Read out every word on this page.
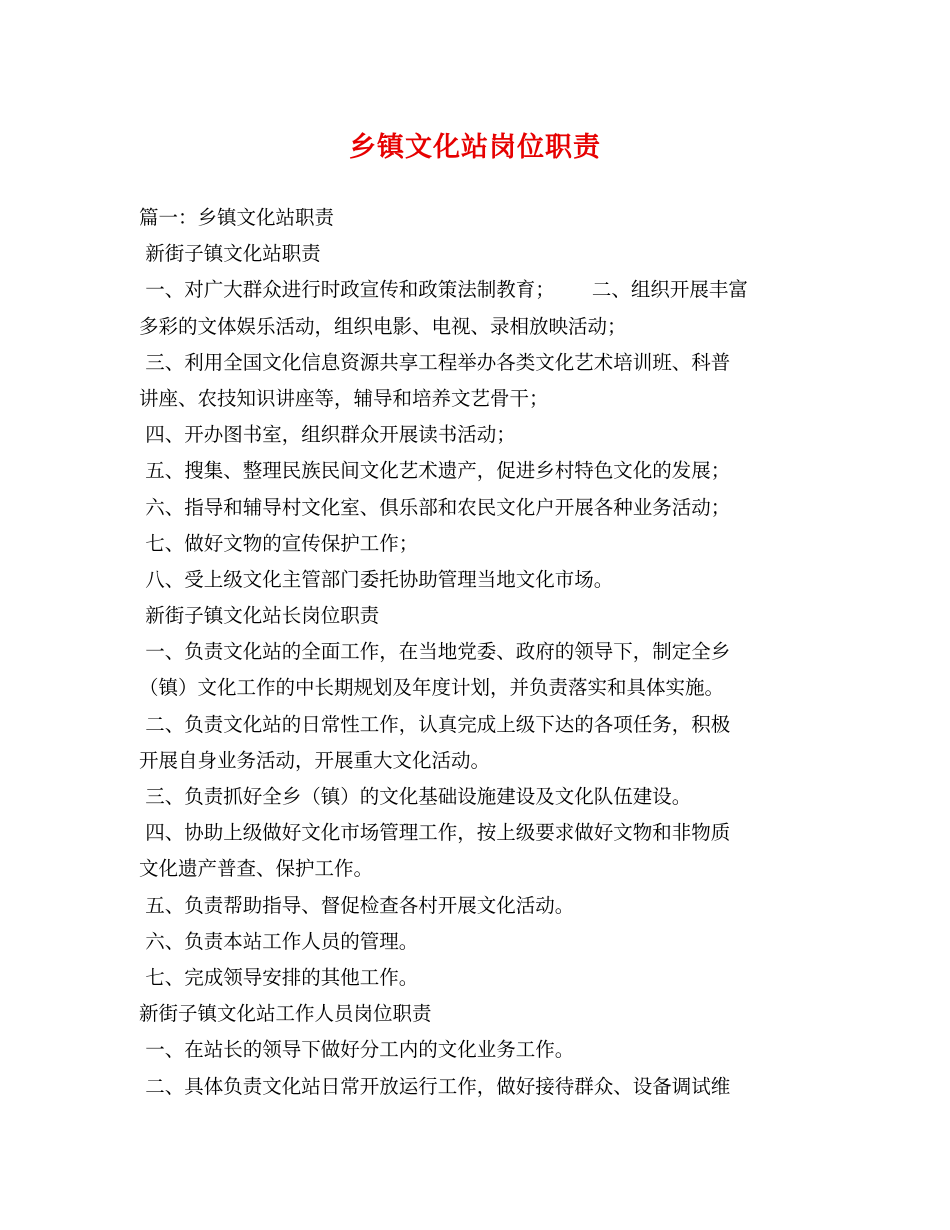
乡镇文化站岗位职责
篇一：乡镇文化站职责
新街子镇文化站职责
一、对广大群众进行时政宣传和政策法制教育；      二、组织开展丰富
多彩的文体娱乐活动，组织电影、电视、录相放映活动；
三、利用全国文化信息资源共享工程举办各类文化艺术培训班、科普
讲座、农技知识讲座等，辅导和培养文艺骨干；
四、开办图书室，组织群众开展读书活动；
五、搜集、整理民族民间文化艺术遗产，促进乡村特色文化的发展；
六、指导和辅导村文化室、俱乐部和农民文化户开展各种业务活动；
七、做好文物的宣传保护工作；
八、受上级文化主管部门委托协助管理当地文化市场。
新街子镇文化站长岗位职责
一、负责文化站的全面工作，在当地党委、政府的领导下，制定全乡
（镇）文化工作的中长期规划及年度计划，并负责落实和具体实施。
二、负责文化站的日常性工作，认真完成上级下达的各项任务，积极
开展自身业务活动，开展重大文化活动。
三、负责抓好全乡（镇）的文化基础设施建设及文化队伍建设。
四、协助上级做好文化市场管理工作，按上级要求做好文物和非物质
文化遗产普查、保护工作。
五、负责帮助指导、督促检查各村开展文化活动。
六、负责本站工作人员的管理。
七、完成领导安排的其他工作。
新街子镇文化站工作人员岗位职责
一、在站长的领导下做好分工内的文化业务工作。
二、具体负责文化站日常开放运行工作，做好接待群众、设备调试维
